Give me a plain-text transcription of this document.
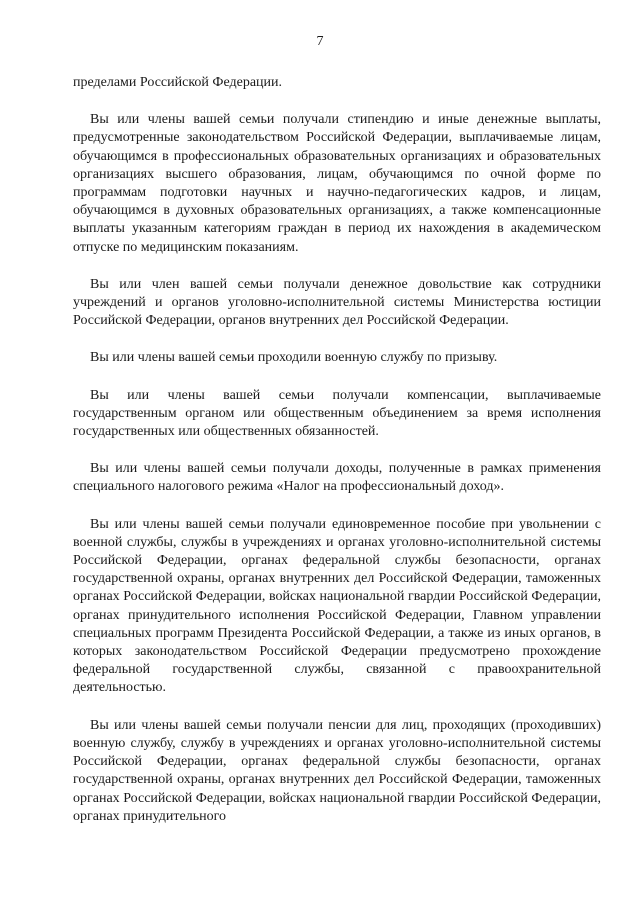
7

пределами Российской Федерации.

Вы или члены вашей семьи получали стипендию и иные денежные выплаты, предусмотренные законодательством Российской Федерации, выплачиваемые лицам, обучающимся в профессиональных образовательных организациях и образовательных организациях высшего образования, лицам, обучающимся по очной форме по программам подготовки научных и научно-педагогических кадров, и лицам, обучающимся в духовных образовательных организациях, а также компенсационные выплаты указанным категориям граждан в период их нахождения в академическом отпуске по медицинским показаниям.

Вы или член вашей семьи получали денежное довольствие как сотрудники учреждений и органов уголовно-исполнительной системы Министерства юстиции Российской Федерации, органов внутренних дел Российской Федерации.

Вы или члены вашей семьи проходили военную службу по призыву.

Вы или члены вашей семьи получали компенсации, выплачиваемые государственным органом или общественным объединением за время исполнения государственных или общественных обязанностей.

Вы или члены вашей семьи получали доходы, полученные в рамках применения специального налогового режима «Налог на профессиональный доход».

Вы или члены вашей семьи получали единовременное пособие при увольнении с военной службы, службы в учреждениях и органах уголовно-исполнительной системы Российской Федерации, органах федеральной службы безопасности, органах государственной охраны, органах внутренних дел Российской Федерации, таможенных органах Российской Федерации, войсках национальной гвардии Российской Федерации, органах принудительного исполнения Российской Федерации, Главном управлении специальных программ Президента Российской Федерации, а также из иных органов, в которых законодательством Российской Федерации предусмотрено прохождение федеральной государственной службы, связанной с правоохранительной деятельностью.

Вы или члены вашей семьи получали пенсии для лиц, проходящих (проходивших) военную службу, службу в учреждениях и органах уголовно-исполнительной системы Российской Федерации, органах федеральной службы безопасности, органах государственной охраны, органах внутренних дел Российской Федерации, таможенных органах Российской Федерации, войсках национальной гвардии Российской Федерации, органах принудительного
